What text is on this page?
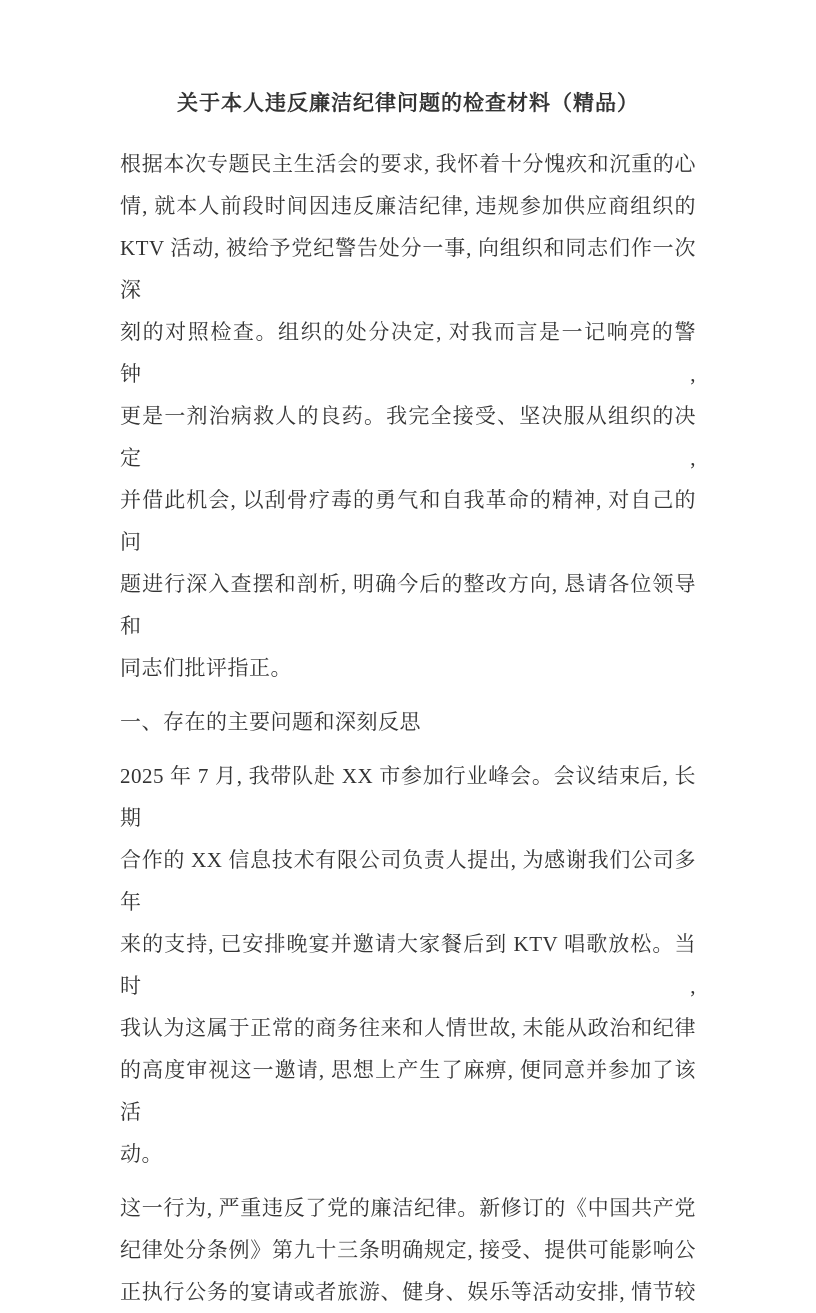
关于本人违反廉洁纪律问题的检查材料（精品）
根据本次专题民主生活会的要求, 我怀着十分愧疚和沉重的心
情, 就本人前段时间因违反廉洁纪律, 违规参加供应商组织的
KTV 活动, 被给予党纪警告处分一事, 向组织和同志们作一次深
刻的对照检查。组织的处分决定, 对我而言是一记响亮的警钟,
更是一剂治病救人的良药。我完全接受、坚决服从组织的决定,
并借此机会, 以刮骨疗毒的勇气和自我革命的精神, 对自己的问
题进行深入查摆和剖析, 明确今后的整改方向, 恳请各位领导和
同志们批评指正。
一、存在的主要问题和深刻反思
2025 年 7 月, 我带队赴 XX 市参加行业峰会。会议结束后, 长期
合作的 XX 信息技术有限公司负责人提出, 为感谢我们公司多年
来的支持, 已安排晚宴并邀请大家餐后到 KTV 唱歌放松。当时,
我认为这属于正常的商务往来和人情世故, 未能从政治和纪律
的高度审视这一邀请, 思想上产生了麻痹, 便同意并参加了该活
动。
这一行为, 严重违反了党的廉洁纪律。新修订的《中国共产党
纪律处分条例》第九十三条明确规定, 接受、提供可能影响公
正执行公务的宴请或者旅游、健身、娱乐等活动安排, 情节较
